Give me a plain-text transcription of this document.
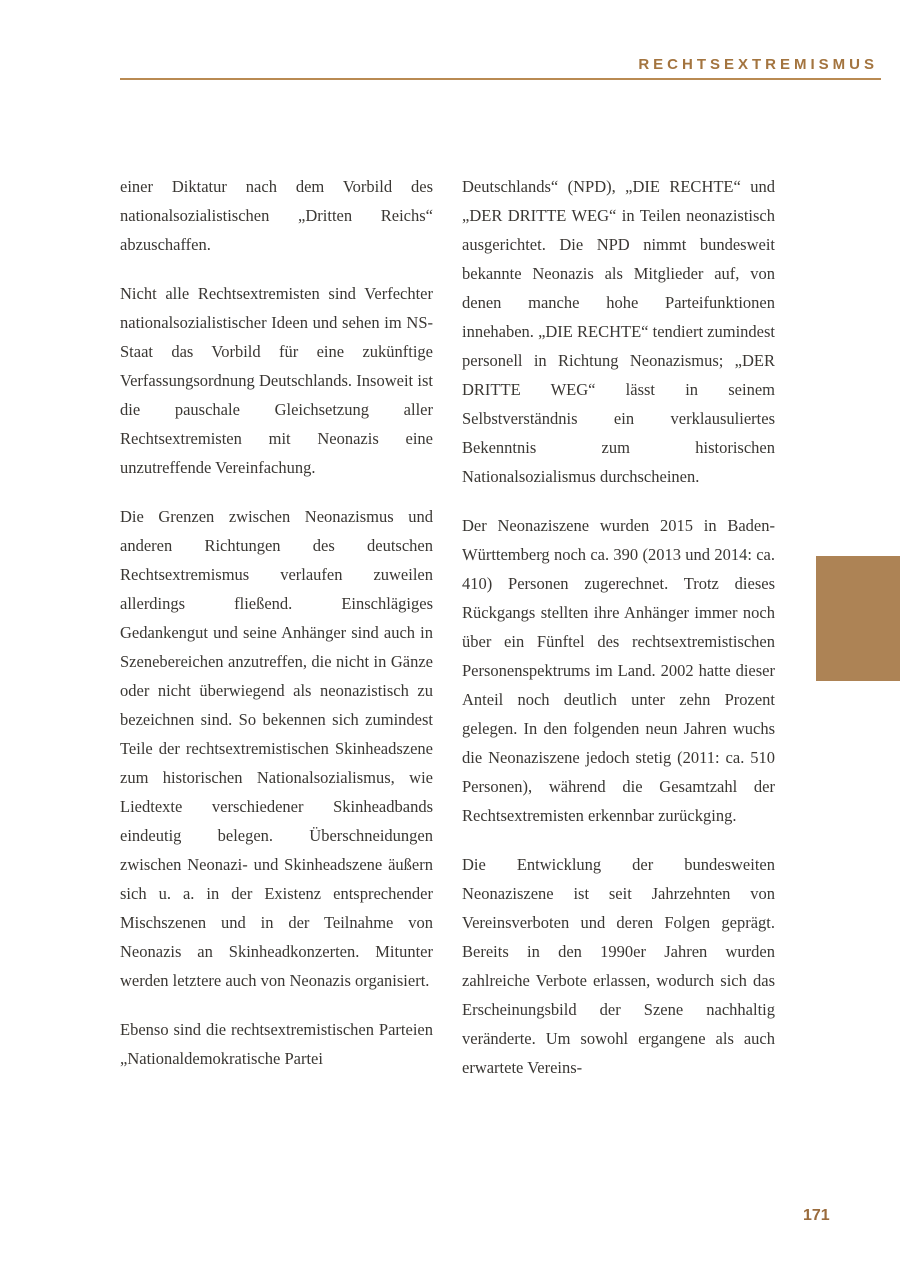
RECHTSEXTREMISMUS

einer Diktatur nach dem Vorbild des nationalsozialistischen „Dritten Reichs“ abzuschaffen.

Nicht alle Rechtsextremisten sind Verfechter nationalsozialistischer Ideen und sehen im NS-Staat das Vorbild für eine zukünftige Verfassungsordnung Deutschlands. Insoweit ist die pauschale Gleichsetzung aller Rechtsextremisten mit Neonazis eine unzutreffende Vereinfachung.

Die Grenzen zwischen Neonazismus und anderen Richtungen des deutschen Rechtsextremismus verlaufen zuweilen allerdings fließend. Einschlägiges Gedankengut und seine Anhänger sind auch in Szenebereichen anzutreffen, die nicht in Gänze oder nicht überwiegend als neonazistisch zu bezeichnen sind. So bekennen sich zumindest Teile der rechtsextremistischen Skinheadszene zum historischen Nationalsozialismus, wie Liedtexte verschiedener Skinheadbands eindeutig belegen. Überschneidungen zwischen Neonazi- und Skinheadszene äußern sich u. a. in der Existenz entsprechender Mischszenen und in der Teilnahme von Neonazis an Skinheadkonzerten. Mitunter werden letztere auch von Neonazis organisiert.

Ebenso sind die rechtsextremistischen Parteien „Nationaldemokratische Partei

Deutschlands“ (NPD), „DIE RECHTE“ und „DER DRITTE WEG“ in Teilen neonazistisch ausgerichtet. Die NPD nimmt bundesweit bekannte Neonazis als Mitglieder auf, von denen manche hohe Parteifunktionen innehaben. „DIE RECHTE“ tendiert zumindest personell in Richtung Neonazismus; „DER DRITTE WEG“ lässt in seinem Selbstverständnis ein verklausuliertes Bekenntnis zum historischen Nationalsozialismus durchscheinen.

Der Neonaziszene wurden 2015 in Baden-Württemberg noch ca. 390 (2013 und 2014: ca. 410) Personen zugerechnet. Trotz dieses Rückgangs stellten ihre Anhänger immer noch über ein Fünftel des rechtsextremistischen Personenspektrums im Land. 2002 hatte dieser Anteil noch deutlich unter zehn Prozent gelegen. In den folgenden neun Jahren wuchs die Neonaziszene jedoch stetig (2011: ca. 510 Personen), während die Gesamtzahl der Rechtsextremisten erkennbar zurückging.

Die Entwicklung der bundesweiten Neonaziszene ist seit Jahrzehnten von Vereinsverboten und deren Folgen geprägt. Bereits in den 1990er Jahren wurden zahlreiche Verbote erlassen, wodurch sich das Erscheinungsbild der Szene nachhaltig veränderte. Um sowohl ergangene als auch erwartete Vereins-

171
